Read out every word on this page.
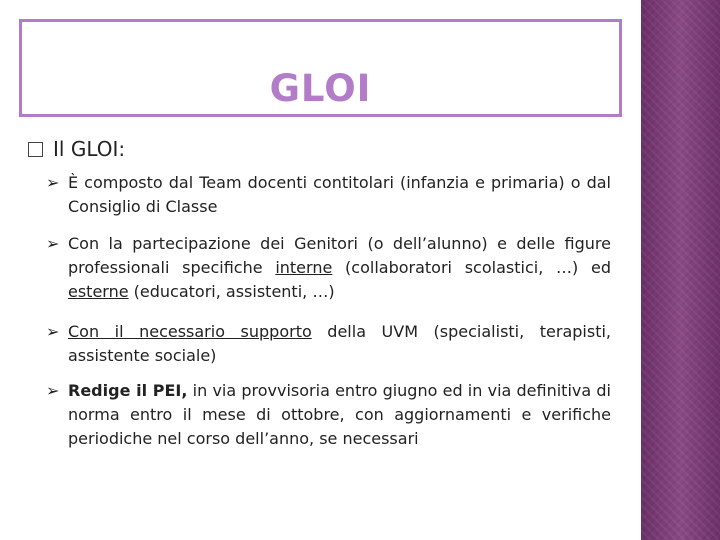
GLOI
Il GLOI:
➢ È composto dal Team docenti contitolari (infanzia e primaria) o dal Consiglio di Classe
➢ Con la partecipazione dei Genitori (o dell’alunno) e delle figure professionali specifiche interne (collaboratori scolastici, …) ed esterne (educatori, assistenti, …)
➢ Con il necessario supporto della UVM (specialisti, terapisti, assistente sociale)
➢ Redige il PEI, in via provvisoria entro giugno ed in via definitiva di norma entro il mese di ottobre, con aggiornamenti e verifiche periodiche nel corso dell’anno, se necessari
